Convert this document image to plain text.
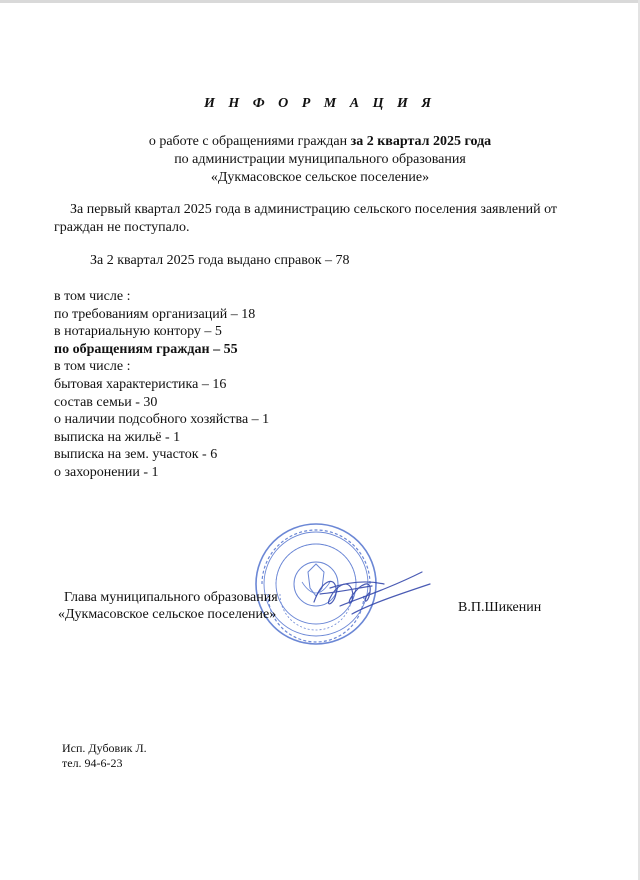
И Н Ф О Р М А Ц И Я
о работе с обращениями граждан за 2 квартал 2025 года
по администрации муниципального образования
«Дукмасовское сельское поселение»
За первый квартал 2025 года в администрацию сельского поселения заявлений от
граждан не поступало.
За 2 квартал 2025 года выдано справок – 78
в том числе :
по требованиям организаций – 18
в нотариальную контору – 5
по обращениям граждан – 55
в том числе :
бытовая характеристика – 16
состав семьи - 30
о наличии подсобного хозяйства – 1
выписка на жильё - 1
выписка на зем. участок - 6
о захоронении - 1
Глава муниципального образования
«Дукмасовское сельское поселение»	В.П.Шикенин
Исп. Дубовик Л.
тел. 94-6-23
